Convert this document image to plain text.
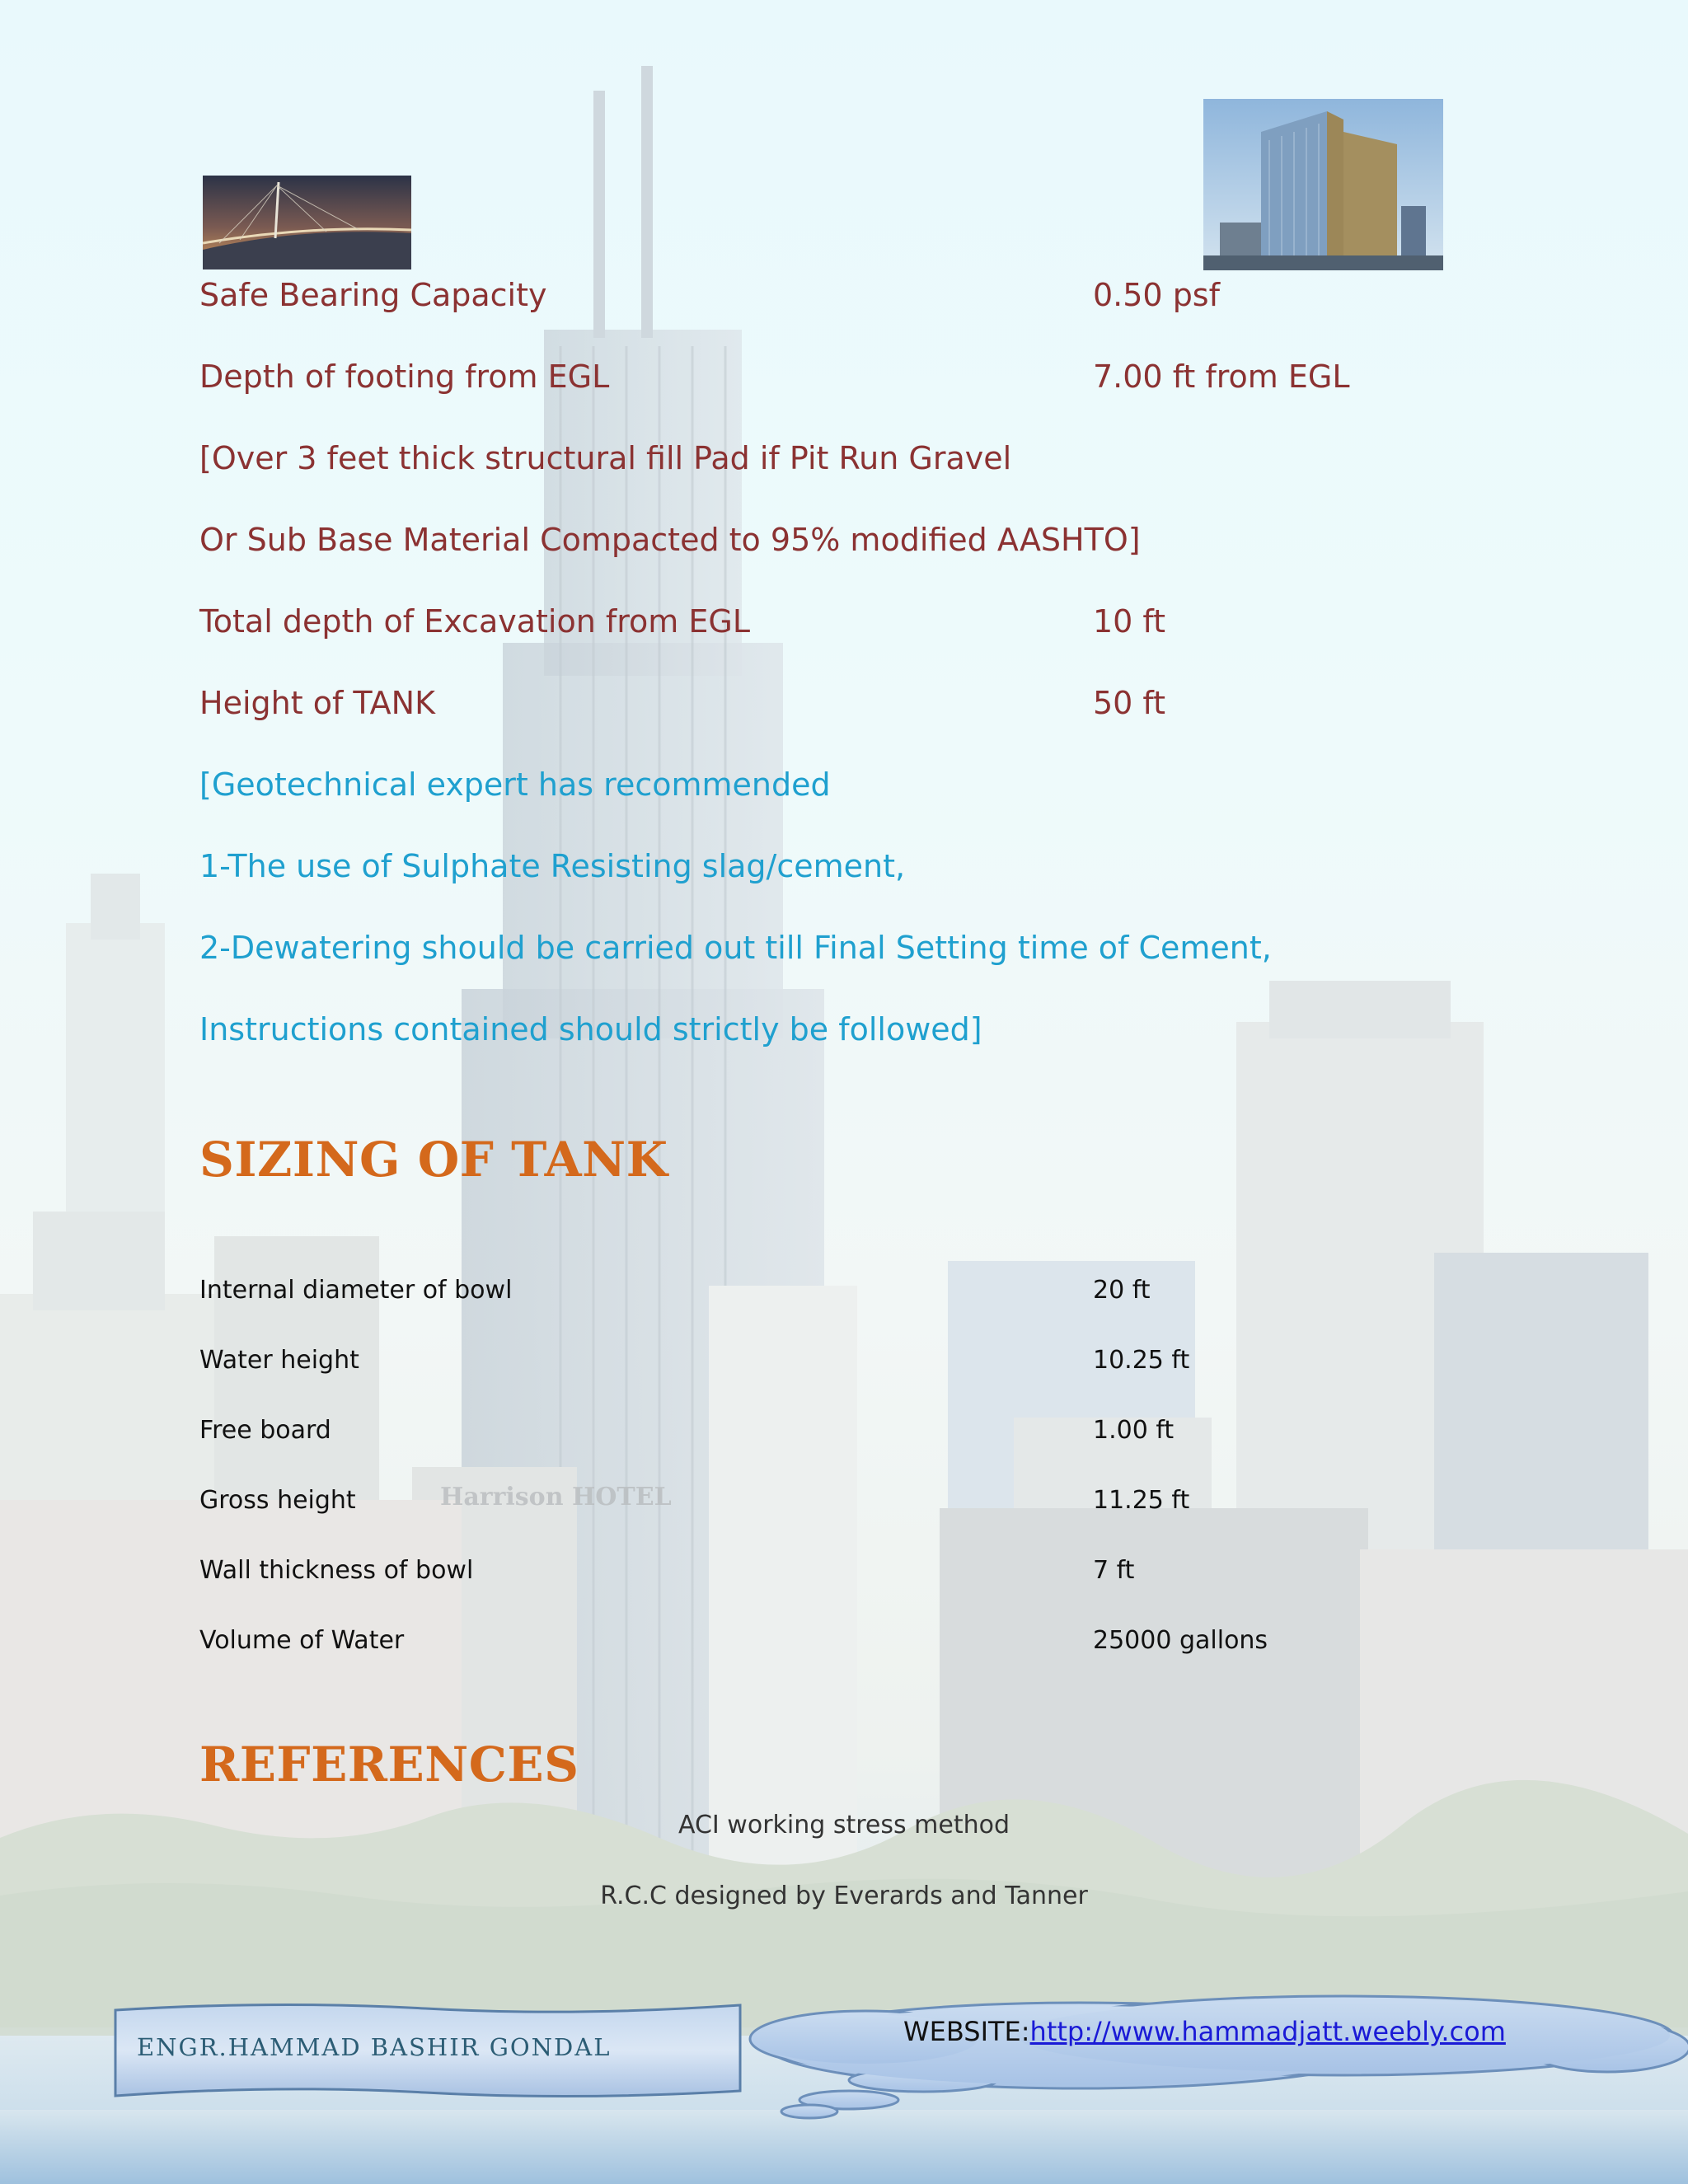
Harrison HOTEL
Safe Bearing Capacity	0.50 psf
Depth of footing from EGL	7.00 ft from EGL
[Over 3 feet thick structural fill Pad if Pit Run Gravel
Or Sub Base Material Compacted to 95% modified AASHTO]
Total depth of Excavation from EGL	10 ft
Height of TANK	50 ft
[Geotechnical expert has recommended
1-The use of Sulphate Resisting slag/cement,
2-Dewatering should be carried out till Final Setting time of Cement,
Instructions contained should strictly be followed]
SIZING OF TANK
Internal diameter of bowl	20 ft
Water height	10.25 ft
Free board	1.00 ft
Gross height	11.25 ft
Wall thickness of bowl	7 ft
Volume of Water	25000 gallons
REFERENCES
ACI working stress method
R.C.C designed by Everards and Tanner
ENGR.HAMMAD BASHIR GONDAL	WEBSITE:http://www.hammadjatt.weebly.com
